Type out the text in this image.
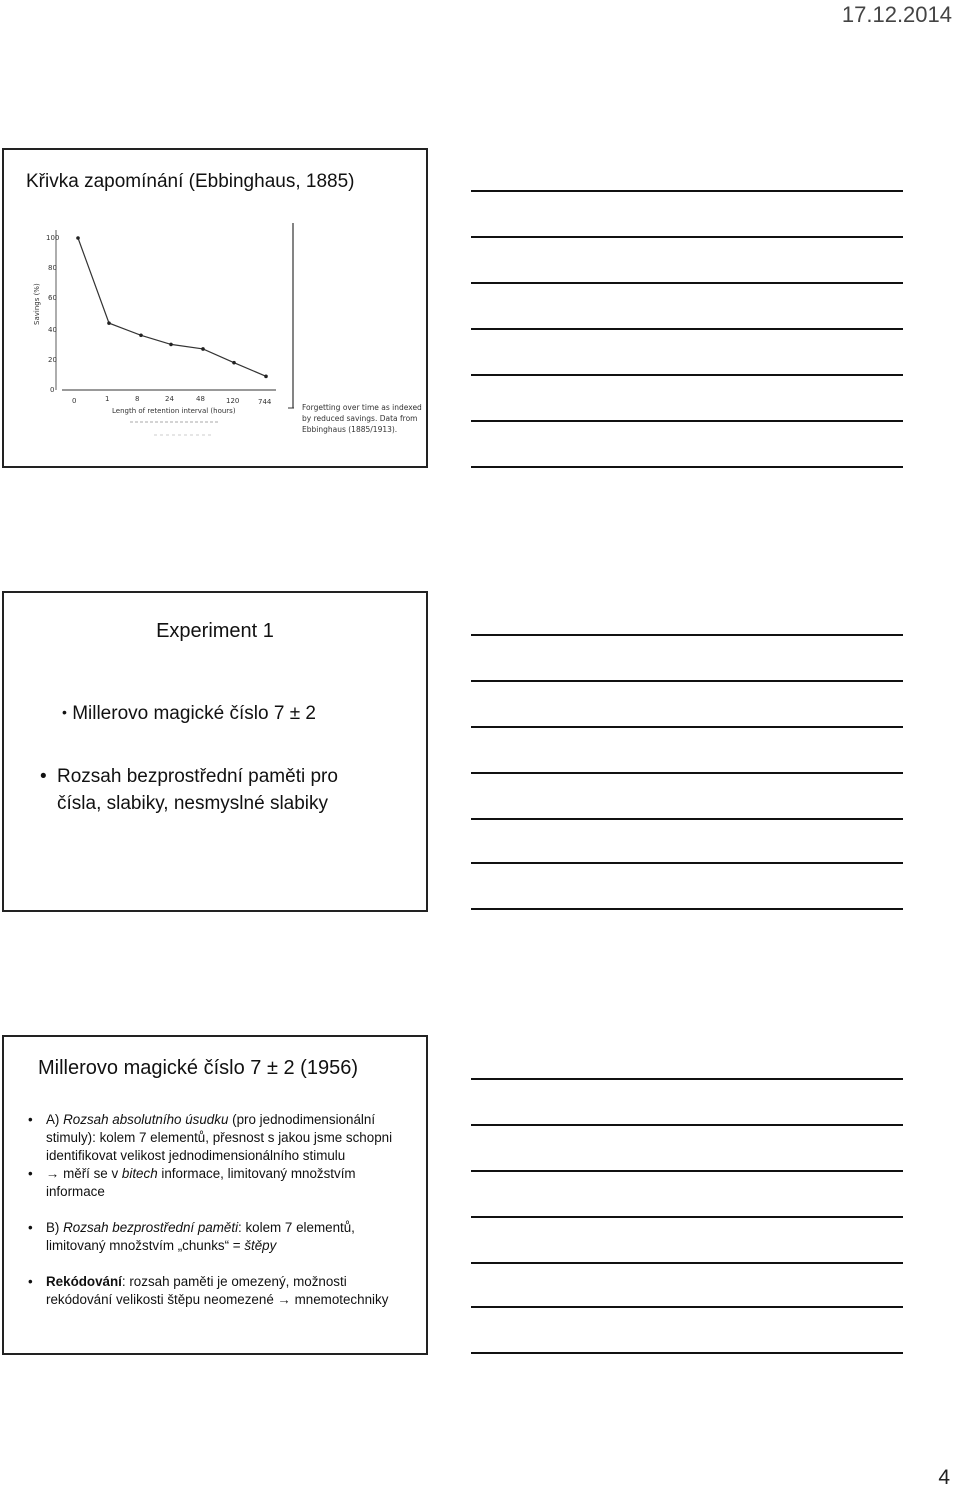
17.12.2014
Křivka zapomínání (Ebbinghaus, 1885)
Savings (%)
100
80
60
40
20
0
0	1	8	24	48	120	744
Length of retention interval (hours)	Forgetting over time as indexed
by reduced savings. Data from
Ebbinghaus (1885/1913).
Experiment 1
• Millerovo magické číslo 7 ± 2
• Rozsah bezprostřední paměti pro
čísla, slabiky, nesmyslné slabiky
Millerovo magické číslo 7 ± 2 (1956)
• A) Rozsah absolutního úsudku (pro jednodimensionální
stimuly): kolem 7 elementů, přesnost s jakou jsme schopni
identifikovat velikost jednodimensionálního stimulu
• → měří se v bitech informace, limitovaný množstvím
informace
• B) Rozsah bezprostřední paměti: kolem 7 elementů,
limitovaný množstvím „chunks“ = štěpy
• Rekódování: rozsah paměti je omezený, možnosti
rekódování velikosti štěpu neomezené → mnemotechniky
4
